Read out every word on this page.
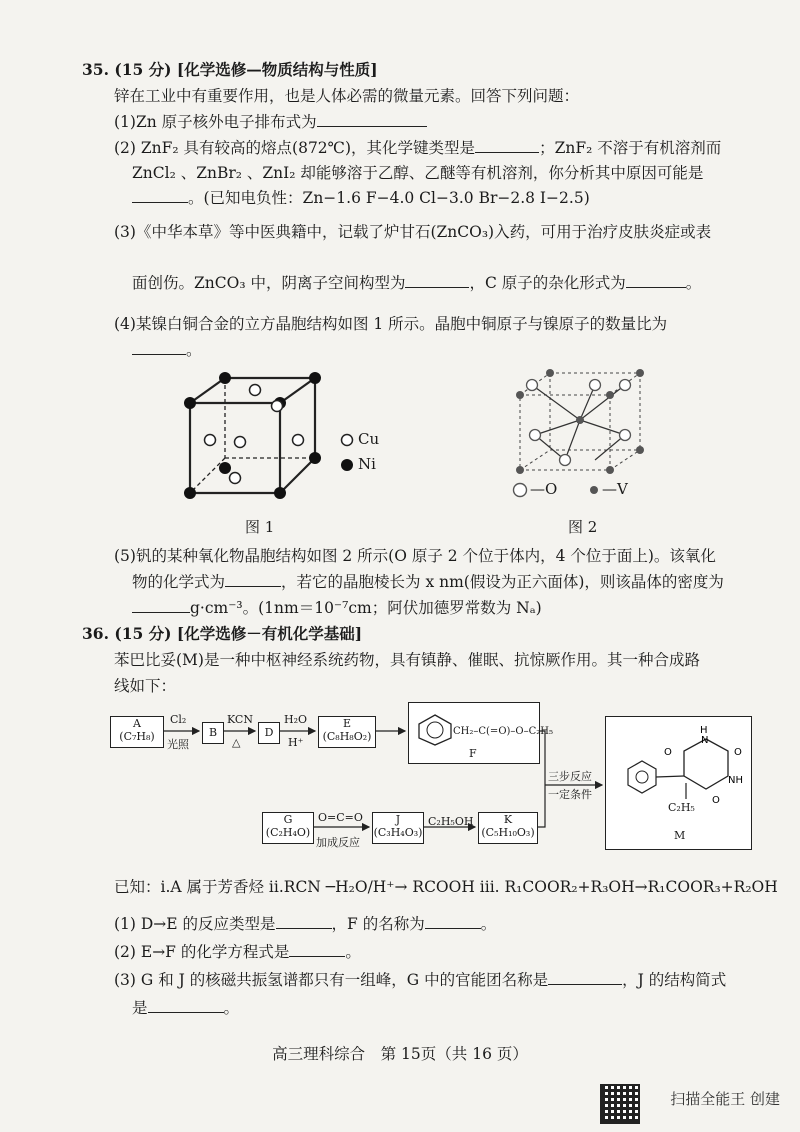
35. (15 分) [化学选修—物质结构与性质]
锌在工业中有重要作用，也是人体必需的微量元素。回答下列问题：
(1)Zn 原子核外电子排布式为
(2) ZnF₂ 具有较高的熔点(872℃)，其化学键类型是	；ZnF₂ 不溶于有机溶剂而
ZnCl₂ 、ZnBr₂ 、ZnI₂ 却能够溶于乙醇、乙醚等有机溶剂，你分析其中原因可能是
。(已知电负性：Zn−1.6 F−4.0 Cl−3.0 Br−2.8 I−2.5)
(3)《中华本草》等中医典籍中，记载了炉甘石(ZnCO₃)入药，可用于治疗皮肤炎症或表
面创伤。ZnCO₃ 中，阴离子空间构型为	，C 原子的杂化形式为	。
(4)某镍白铜合金的立方晶胞结构如图 1 所示。晶胞中铜原子与镍原子的数量比为
。
Cu
Ni
图 1
—O	—V
图 2
(5)钒的某种氧化物晶胞结构如图 2 所示(O 原子 2 个位于体内，4 个位于面上)。该氧化
物的化学式为	，若它的晶胞棱长为 x nm(假设为正六面体)，则该晶体的密度为
g·cm⁻³。(1nm＝10⁻⁷cm；阿伏加德罗常数为 Nₐ)
36. (15 分) [化学选修－有机化学基础]
苯巴比妥(M)是一种中枢神经系统药物，具有镇静、催眠、抗惊厥作用。其一种合成路
线如下：
A
(C₇H₈)
Cl₂
光照
B
KCN
△
D
H₂O
H⁺
E
(C₈H₈O₂)	CH₂–C(=O)–O–C₂H₅
F
三步反应
一定条件
H
N
O	O
NH
O
C₂H₅
M
G
(C₂H₄O)
O=C=O
加成反应
J
(C₃H₄O₃)
C₂H₅OH	K
(C₅H₁₀O₃)
已知：i.A 属于芳香烃 ii.RCN ─H₂O/H⁺→ RCOOH iii. R₁COOR₂+R₃OH→R₁COOR₃+R₂OH
(1) D→E 的反应类型是	，F 的名称为	。
(2) E→F 的化学方程式是	。
(3) G 和 J 的核磁共振氢谱都只有一组峰，G 中的官能团名称是	，J 的结构简式
是	。
高三理科综合　第 15页（共 16 页）
扫描全能王 创建
